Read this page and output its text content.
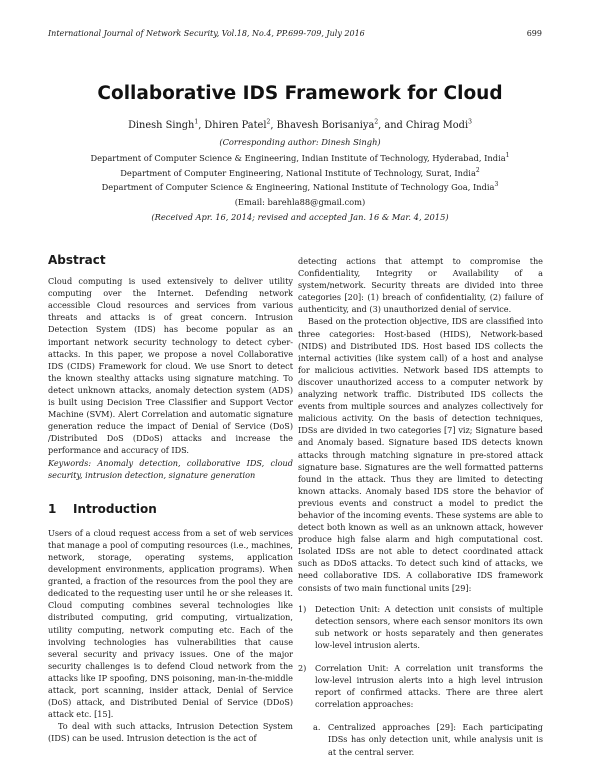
International Journal of Network Security, Vol.18, No.4, PP.699-709, July 2016	699
Collaborative IDS Framework for Cloud
Dinesh Singh$^1$, Dhiren Patel$^2$, Bhavesh Borisaniya$^2$, and Chirag Modi$^3$
(Corresponding author: Dinesh Singh)
Department of Computer Science & Engineering, Indian Institute of Technology, Hyderabad, India$^1$
Department of Computer Engineering, National Institute of Technology, Surat, India$^2$
Department of Computer Science & Engineering, National Institute of Technology Goa, India$^3$
(Email: barehla88@gmail.com)
(Received Apr. 16, 2014; revised and accepted Jan. 16 & Mar. 4, 2015)
Abstract

Cloud computing is used extensively to deliver utility computing over the Internet. Defending network accessible Cloud resources and services from various threats and attacks is of great concern. Intrusion Detection System (IDS) has become popular as an important network security technology to detect cyber-attacks. In this paper, we propose a novel Collaborative IDS (CIDS) Framework for cloud. We use Snort to detect the known stealthy attacks using signature matching. To detect unknown attacks, anomaly detection system (ADS) is built using Decision Tree Classifier and Support Vector Machine (SVM). Alert Correlation and automatic signature generation reduce the impact of Denial of Service (DoS) /Distributed DoS (DDoS) attacks and increase the performance and accuracy of IDS.

Keywords: Anomaly detection, collaborative IDS, cloud security, intrusion detection, signature generation

1 Introduction

Users of a cloud request access from a set of web services that manage a pool of computing resources (i.e., machines, network, storage, operating systems, application development environments, application programs). When granted, a fraction of the resources from the pool they are dedicated to the requesting user until he or she releases it. Cloud computing combines several technologies like distributed computing, grid computing, virtualization, utility computing, network computing etc. Each of the involving technologies has vulnerabilities that cause several security and privacy issues. One of the major security challenges is to defend Cloud network from the attacks like IP spoofing, DNS poisoning, man-in-the-middle attack, port scanning, insider attack, Denial of Service (DoS) attack, and Distributed Denial of Service (DDoS) attack etc. [15].

To deal with such attacks, Intrusion Detection System (IDS) can be used. Intrusion detection is the act of

detecting actions that attempt to compromise the Confidentiality, Integrity or Availability of a system/network. Security threats are divided into three categories [20]: (1) breach of confidentiality, (2) failure of authenticity, and (3) unauthorized denial of service.

Based on the protection objective, IDS are classified into three categories: Host-based (HIDS), Network-based (NIDS) and Distributed IDS. Host based IDS collects the internal activities (like system call) of a host and analyse for malicious activities. Network based IDS attempts to discover unauthorized access to a computer network by analyzing network traffic. Distributed IDS collects the events from multiple sources and analyzes collectively for malicious activity. On the basis of detection techniques, IDSs are divided in two categories [7] viz; Signature based and Anomaly based. Signature based IDS detects known attacks through matching signature in pre-stored attack signature base. Signatures are the well formatted patterns found in the attack. Thus they are limited to detecting known attacks. Anomaly based IDS store the behavior of previous events and construct a model to predict the behavior of the incoming events. These systems are able to detect both known as well as an unknown attack, however produce high false alarm and high computational cost. Isolated IDSs are not able to detect coordinated attack such as DDoS attacks. To detect such kind of attacks, we need collaborative IDS. A collaborative IDS framework consists of two main functional units [29]:

1) Detection Unit: A detection unit consists of multiple detection sensors, where each sensor monitors its own sub network or hosts separately and then generates low-level intrusion alerts.
2) Correlation Unit: A correlation unit transforms the low-level intrusion alerts into a high level intrusion report of confirmed attacks. There are three alert correlation approaches:
a. Centralized approaches [29]: Each participating IDSs has only detection unit, while analysis unit is at the central server.
